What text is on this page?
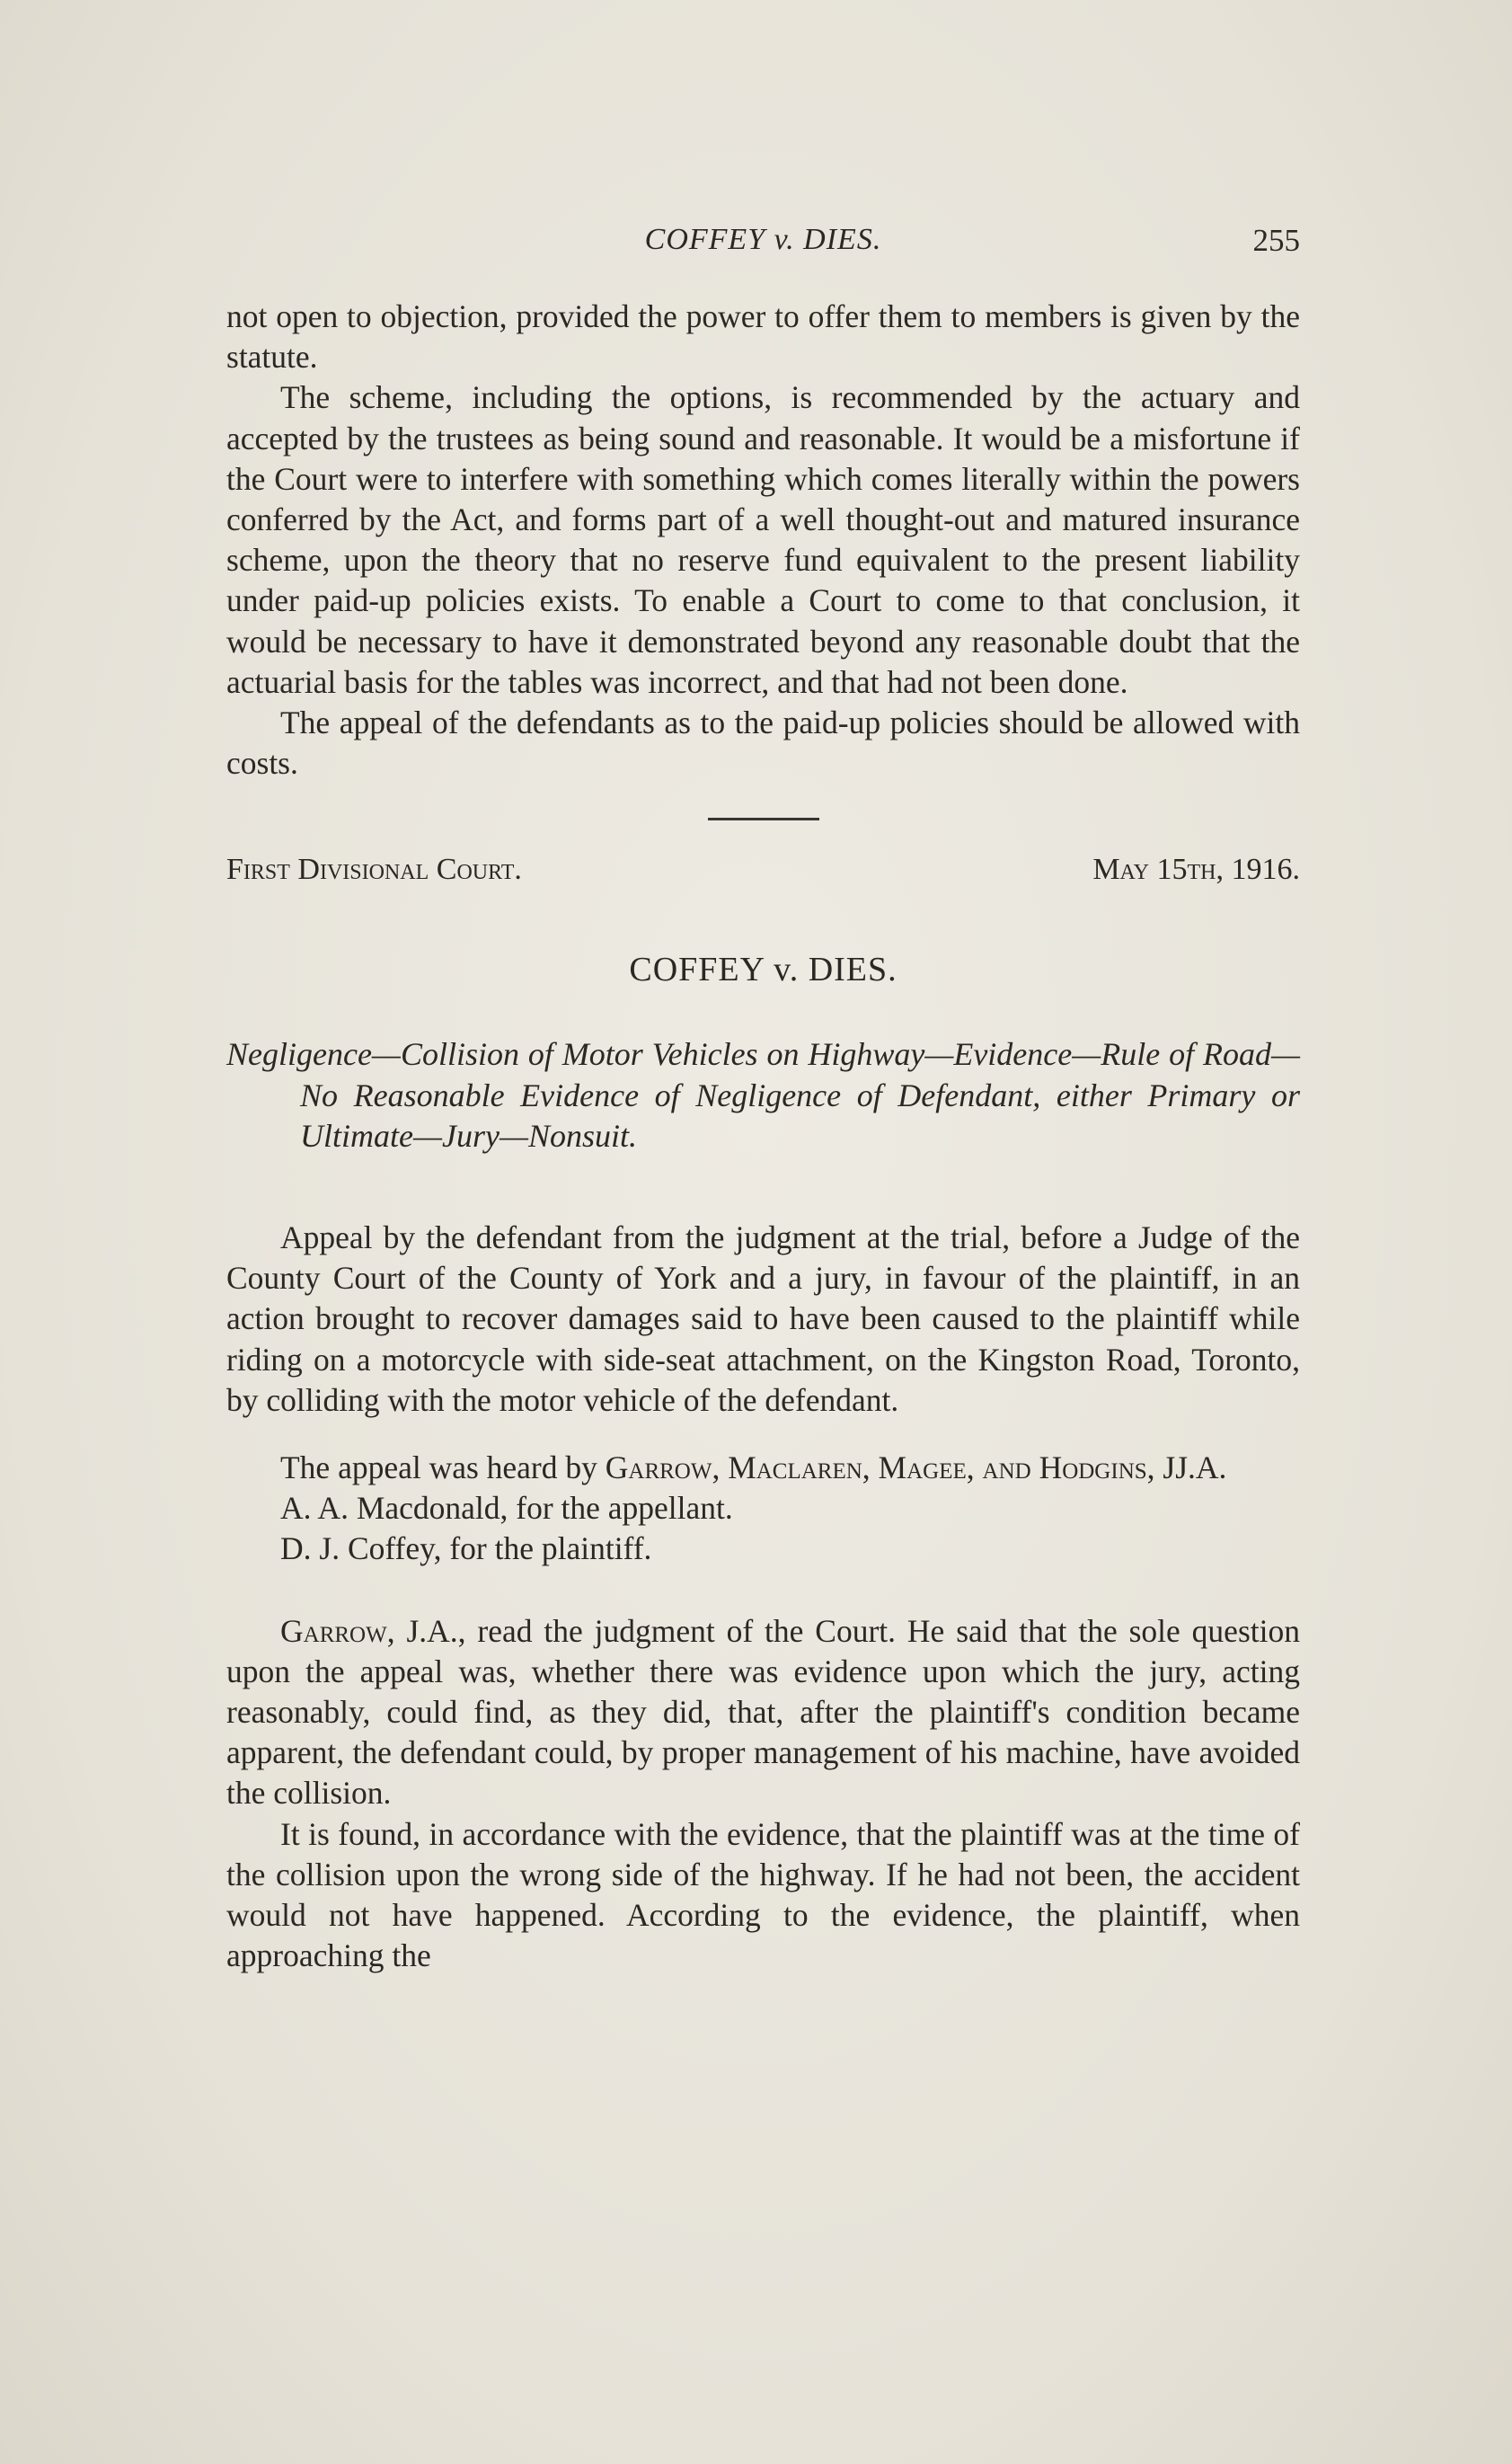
COFFEY v. DIES.	255

not open to objection, provided the power to offer them to members is given by the statute.

The scheme, including the options, is recommended by the actuary and accepted by the trustees as being sound and reasonable. It would be a misfortune if the Court were to interfere with something which comes literally within the powers conferred by the Act, and forms part of a well thought-out and matured insurance scheme, upon the theory that no reserve fund equivalent to the present liability under paid-up policies exists. To enable a Court to come to that conclusion, it would be necessary to have it demonstrated beyond any reasonable doubt that the actuarial basis for the tables was incorrect, and that had not been done.

The appeal of the defendants as to the paid-up policies should be allowed with costs.

First Divisional Court.	May 15th, 1916.
COFFEY v. DIES.
Negligence—Collision of Motor Vehicles on Highway—Evidence—Rule of Road—No Reasonable Evidence of Negligence of Defendant, either Primary or Ultimate—Jury—Nonsuit.

Appeal by the defendant from the judgment at the trial, before a Judge of the County Court of the County of York and a jury, in favour of the plaintiff, in an action brought to recover damages said to have been caused to the plaintiff while riding on a motorcycle with side-seat attachment, on the Kingston Road, Toronto, by colliding with the motor vehicle of the defendant.

The appeal was heard by Garrow, Maclaren, Magee, and Hodgins, JJ.A.

A. A. Macdonald, for the appellant.

D. J. Coffey, for the plaintiff.

Garrow, J.A., read the judgment of the Court. He said that the sole question upon the appeal was, whether there was evidence upon which the jury, acting reasonably, could find, as they did, that, after the plaintiff's condition became apparent, the defendant could, by proper management of his machine, have avoided the collision.

It is found, in accordance with the evidence, that the plaintiff was at the time of the collision upon the wrong side of the highway. If he had not been, the accident would not have happened. According to the evidence, the plaintiff, when approaching the
